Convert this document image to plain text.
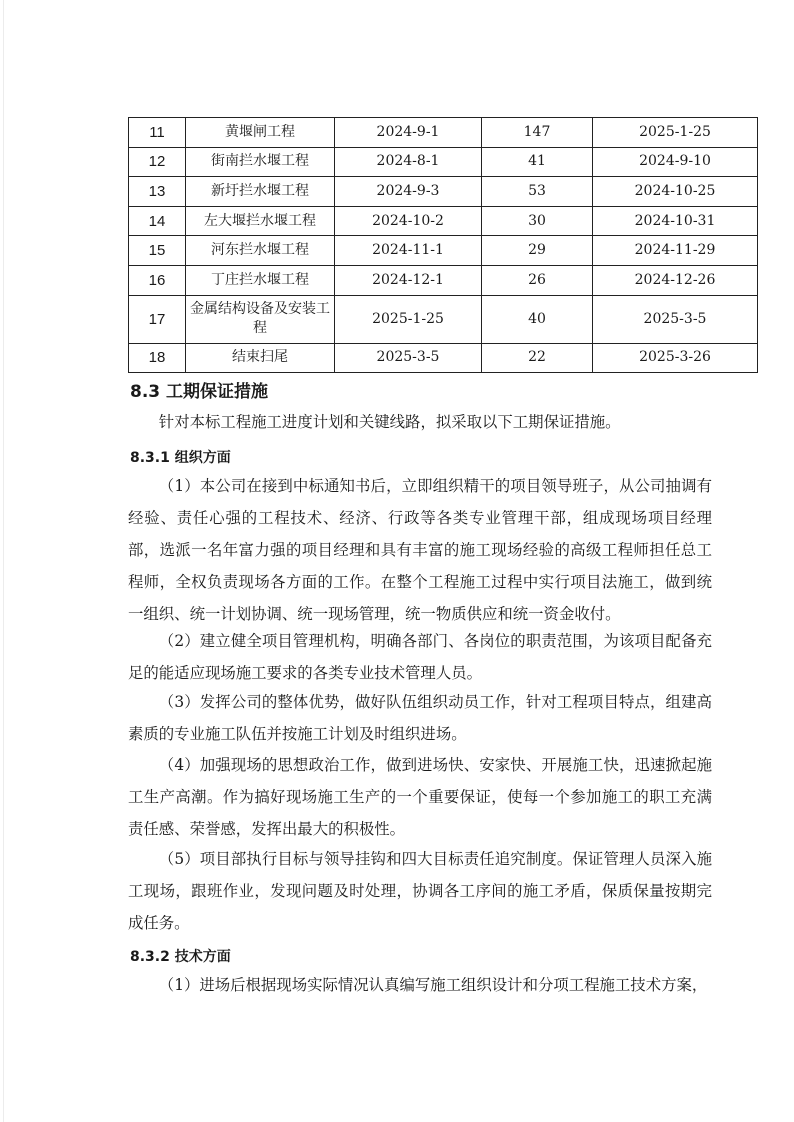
11	黄堰闸工程	2024-9-1	147	2025-1-25
12	街南拦水堰工程	2024-8-1	41	2024-9-10
13	新圩拦水堰工程	2024-9-3	53	2024-10-25
14	左大堰拦水堰工程	2024-10-2	30	2024-10-31
15	河东拦水堰工程	2024-11-1	29	2024-11-29
16	丁庄拦水堰工程	2024-12-1	26	2024-12-26
17	金属结构设备及安装工程	2025-1-25	40	2025-3-5
18	结束扫尾	2025-3-5	22	2025-3-26
8.3 工期保证措施

针对本标工程施工进度计划和关键线路，拟采取以下工期保证措施。

8.3.1 组织方面

（1）本公司在接到中标通知书后，立即组织精干的项目领导班子，从公司抽调有经验、责任心强的工程技术、经济、行政等各类专业管理干部，组成现场项目经理部，选派一名年富力强的项目经理和具有丰富的施工现场经验的高级工程师担任总工程师，全权负责现场各方面的工作。在整个工程施工过程中实行项目法施工，做到统一组织、统一计划协调、统一现场管理，统一物质供应和统一资金收付。

（2）建立健全项目管理机构，明确各部门、各岗位的职责范围，为该项目配备充足的能适应现场施工要求的各类专业技术管理人员。

（3）发挥公司的整体优势，做好队伍组织动员工作，针对工程项目特点，组建高素质的专业施工队伍并按施工计划及时组织进场。

（4）加强现场的思想政治工作，做到进场快、安家快、开展施工快，迅速掀起施工生产高潮。作为搞好现场施工生产的一个重要保证，使每一个参加施工的职工充满责任感、荣誉感，发挥出最大的积极性。

（5）项目部执行目标与领导挂钩和四大目标责任追究制度。保证管理人员深入施工现场，跟班作业，发现问题及时处理，协调各工序间的施工矛盾，保质保量按期完成任务。

8.3.2 技术方面

（1）进场后根据现场实际情况认真编写施工组织设计和分项工程施工技术方案，
